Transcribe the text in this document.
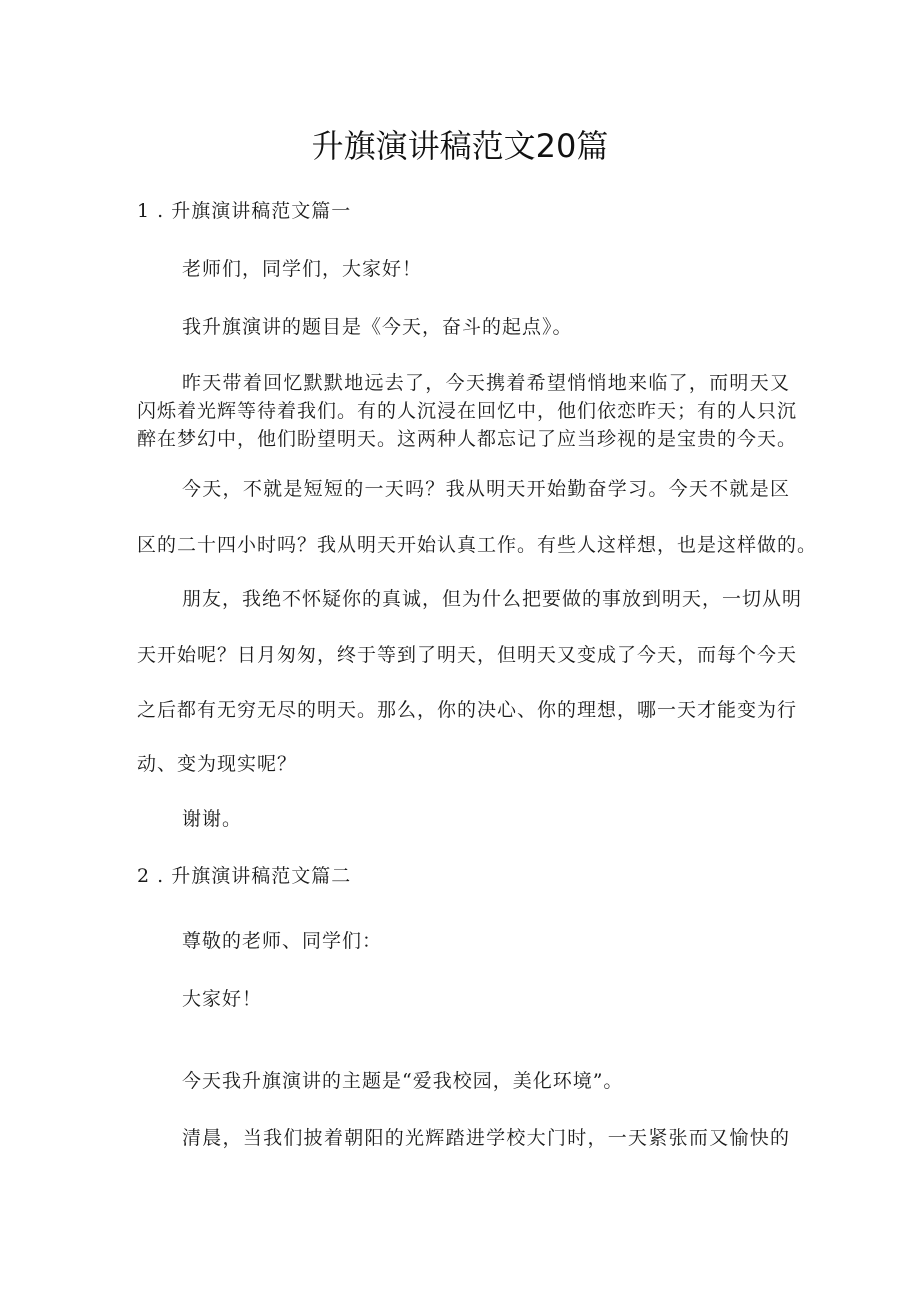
升旗演讲稿范文20篇
1 . 升旗演讲稿范文篇一
老师们，同学们，大家好！
我升旗演讲的题目是《今天，奋斗的起点》。
昨天带着回忆默默地远去了，今天携着希望悄悄地来临了，而明天又
闪烁着光辉等待着我们。有的人沉浸在回忆中，他们依恋昨天；有的人只沉
醉在梦幻中，他们盼望明天。这两种人都忘记了应当珍视的是宝贵的今天。
今天，不就是短短的一天吗？我从明天开始勤奋学习。今天不就是区
区的二十四小时吗？我从明天开始认真工作。有些人这样想，也是这样做的。
朋友，我绝不怀疑你的真诚，但为什么把要做的事放到明天，一切从明
天开始呢？日月匆匆，终于等到了明天，但明天又变成了今天，而每个今天
之后都有无穷无尽的明天。那么，你的决心、你的理想，哪一天才能变为行
动、变为现实呢？
谢谢。
2 . 升旗演讲稿范文篇二
尊敬的老师、同学们：
大家好！
今天我升旗演讲的主题是“爱我校园，美化环境”。
清晨，当我们披着朝阳的光辉踏进学校大门时，一天紧张而又愉快的
